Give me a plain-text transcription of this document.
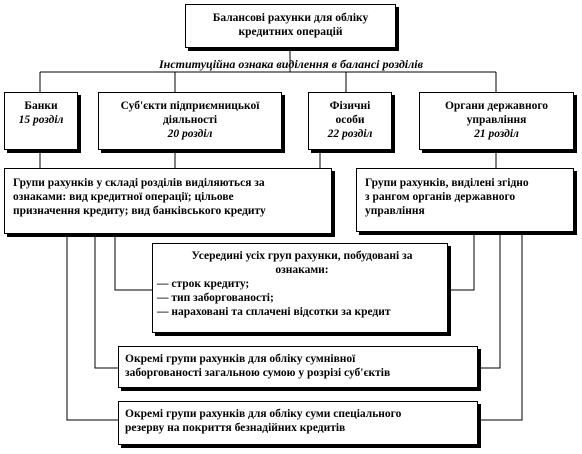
Балансові рахунки для обліку
кредитних операцій
Інституційна ознака виділення в балансі розділів
Банки
15 розділ
Суб'єкти підприємницької
діяльності
20 розділ
Фізичні
особи
22 розділ
Органи державного
управління
21 розділ
Групи рахунків у складі розділів виділяються за
ознаками: вид кредитної операції; цільове
призначення кредиту; вид банківського кредиту
Групи рахунків, виділені згідно
з рангом органів державного
управління
Усередині усіх груп рахунки, побудовані за
ознаками:
— строк кредиту;
— тип заборгованості;
— нараховані та сплачені відсотки за кредит
Окремі групи рахунків для обліку сумнівної
заборгованості загальною сумою у розрізі суб'єктів
Окремі групи рахунків для обліку суми спеціального
резерву на покриття безнадійних кредитів
